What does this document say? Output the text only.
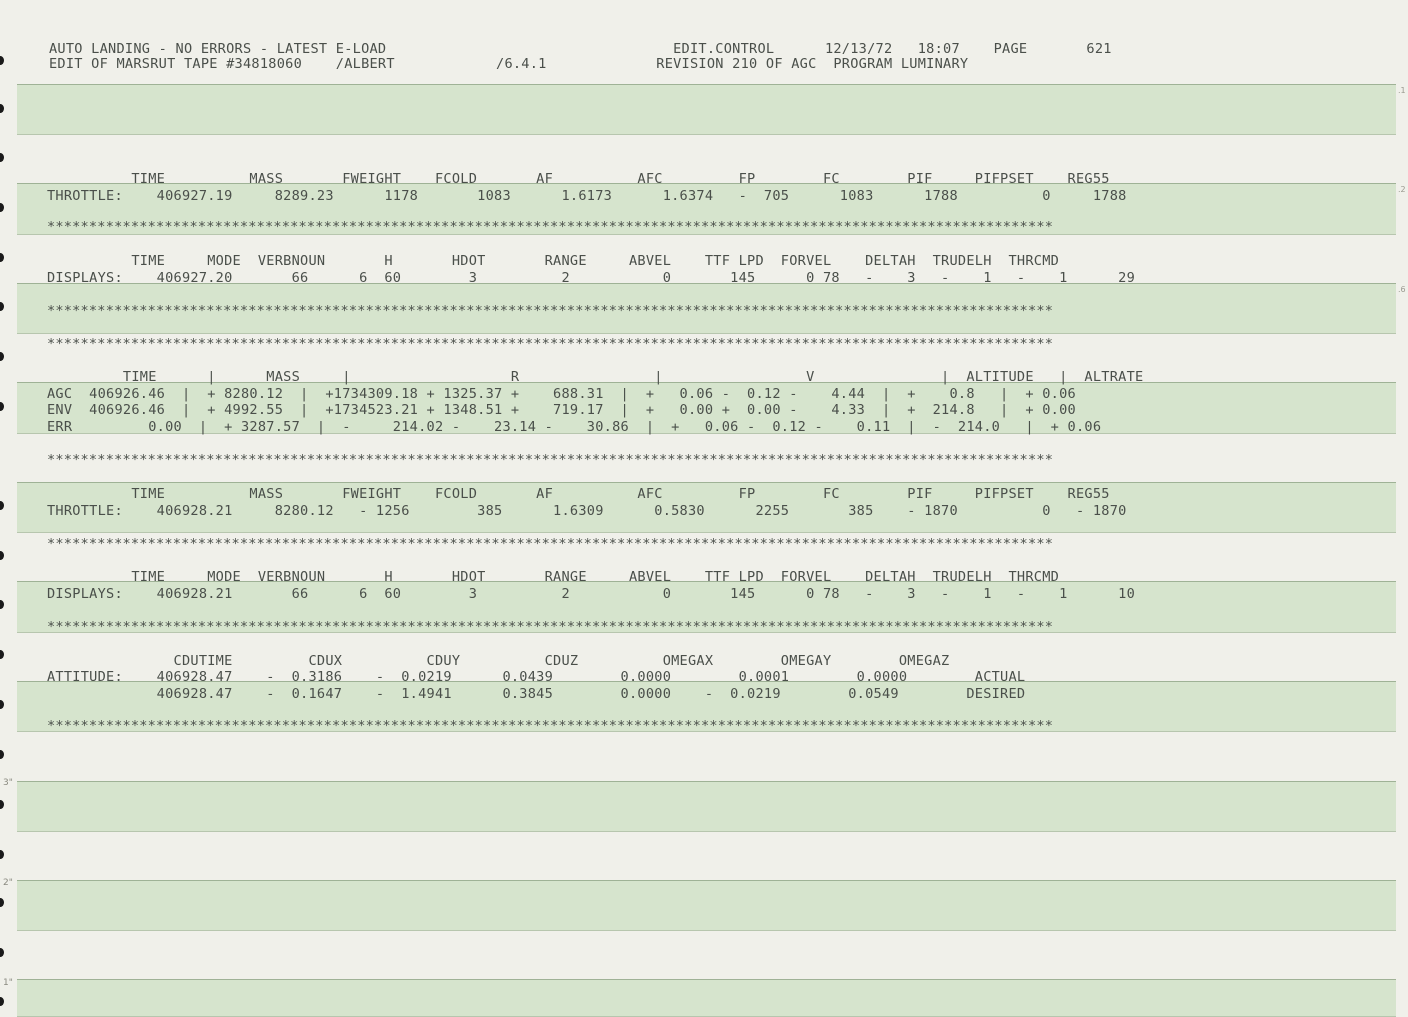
3"
2"
1"
.1
.2
.6
AUTO LANDING - NO ERRORS - LATEST E-LOAD                                  EDIT.CONTROL      12/13/72   18:07    PAGE       621
EDIT OF MARSRUT TAPE #34818060    /ALBERT            /6.4.1             REVISION 210 OF AGC  PROGRAM LUMINARY
TIME          MASS       FWEIGHT    FCOLD       AF          AFC         FP        FC        PIF     PIFPSET    REG55
THROTTLE:    406927.19     8289.23      1178       1083      1.6173      1.6374   -  705      1083      1788          0     1788
************************************************************************************************************************
TIME     MODE  VERBNOUN       H       HDOT       RANGE     ABVEL    TTF LPD  FORVEL    DELTAH  TRUDELH  THRCMD
DISPLAYS:    406927.20       66      6  60        3          2           0       145      0 78   -    3   -    1   -    1      29
************************************************************************************************************************
************************************************************************************************************************
TIME      |      MASS     |                   R                |                 V               |  ALTITUDE   |  ALTRATE
AGC  406926.46  |  + 8280.12  |  +1734309.18 + 1325.37 +    688.31  |  +   0.06 -  0.12 -    4.44  |  +    0.8   |  + 0.06
ENV  406926.46  |  + 4992.55  |  +1734523.21 + 1348.51 +    719.17  |  +   0.00 +  0.00 -    4.33  |  +  214.8   |  + 0.00
ERR         0.00  |  + 3287.57  |  -     214.02 -    23.14 -    30.86  |  +   0.06 -  0.12 -    0.11  |  -  214.0   |  + 0.06
************************************************************************************************************************
TIME          MASS       FWEIGHT    FCOLD       AF          AFC         FP        FC        PIF     PIFPSET    REG55
THROTTLE:    406928.21     8280.12   - 1256        385      1.6309      0.5830      2255       385    - 1870          0   - 1870
************************************************************************************************************************
TIME     MODE  VERBNOUN       H       HDOT       RANGE     ABVEL    TTF LPD  FORVEL    DELTAH  TRUDELH  THRCMD
DISPLAYS:    406928.21       66      6  60        3          2           0       145      0 78   -    3   -    1   -    1      10
************************************************************************************************************************
CDUTIME         CDUX          CDUY          CDUZ          OMEGAX        OMEGAY        OMEGAZ
ATTITUDE:    406928.47    -  0.3186    -  0.0219      0.0439        0.0000        0.0001        0.0000        ACTUAL
406928.47    -  0.1647    -  1.4941      0.3845        0.0000    -  0.0219        0.0549        DESIRED
************************************************************************************************************************
